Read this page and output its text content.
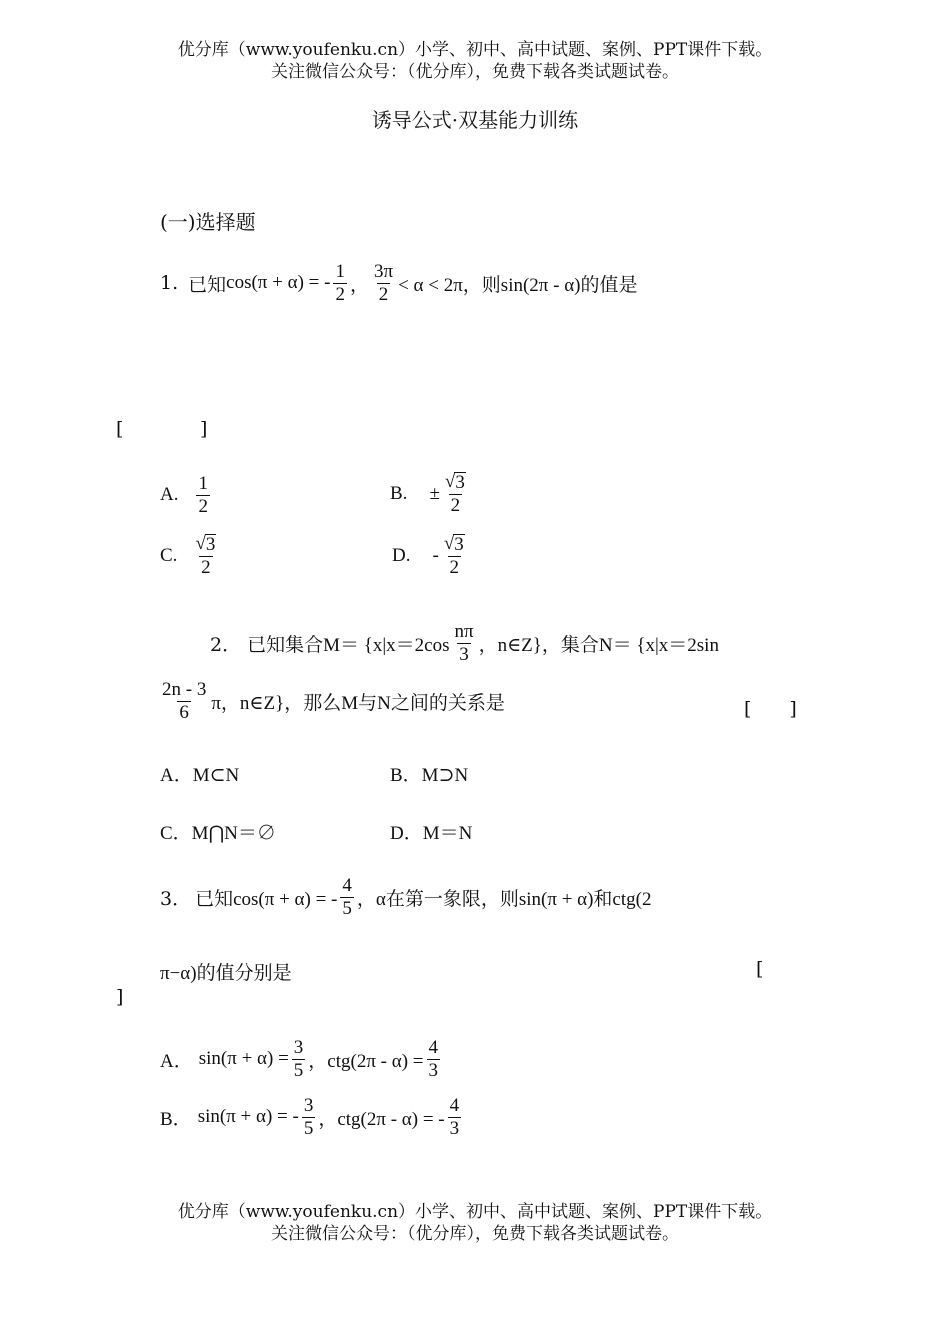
优分库（www.youfenku.cn）小学、初中、高中试题、案例、PPT课件下载。
关注微信公众号：（优分库），免费下载各类试题试卷。
诱导公式·双基能力训练
(一)选择题
1. 已知 cos(π + α) = - $\frac{1}{2}$ ， $\frac{3\pi}{2} < \alpha < 2\pi$，则 sin(2π - α)的值是
[	]
A. $\frac{1}{2}$	B. ± $\frac{√ 3}{2}$
C. $\frac{√ 3}{2}$	D. - $\frac{√ 3}{2}$
2． 已知集合$M= \{x|x=2\cos \frac{n\pi}{3}$ ，n∈Z}，集合N＝ {x|x＝2sin
$\frac{2n - 3}{6}$ π，n∈Z}，那么M与N之间的关系是	[　　]
A．M⊂N	B．M⊃N
C．M⋂N＝∅	D．M＝N
3． 已知cos(π + α) = - $\frac{4}{5}$ ，α在第一象限，则sin(π + α)和ctg(2
π−α)的值分别是	[
]
A． $\sin(\pi + \alpha) = \frac{3}{5}$ ，$ctg(2\pi - \alpha) = \frac{4}{3}$
B． sin(π + α) = - $\frac{3}{5}$ ，ctg(2π - α) = - $\frac{4}{3}$
优分库（www.youfenku.cn）小学、初中、高中试题、案例、PPT课件下载。
关注微信公众号：（优分库），免费下载各类试题试卷。
